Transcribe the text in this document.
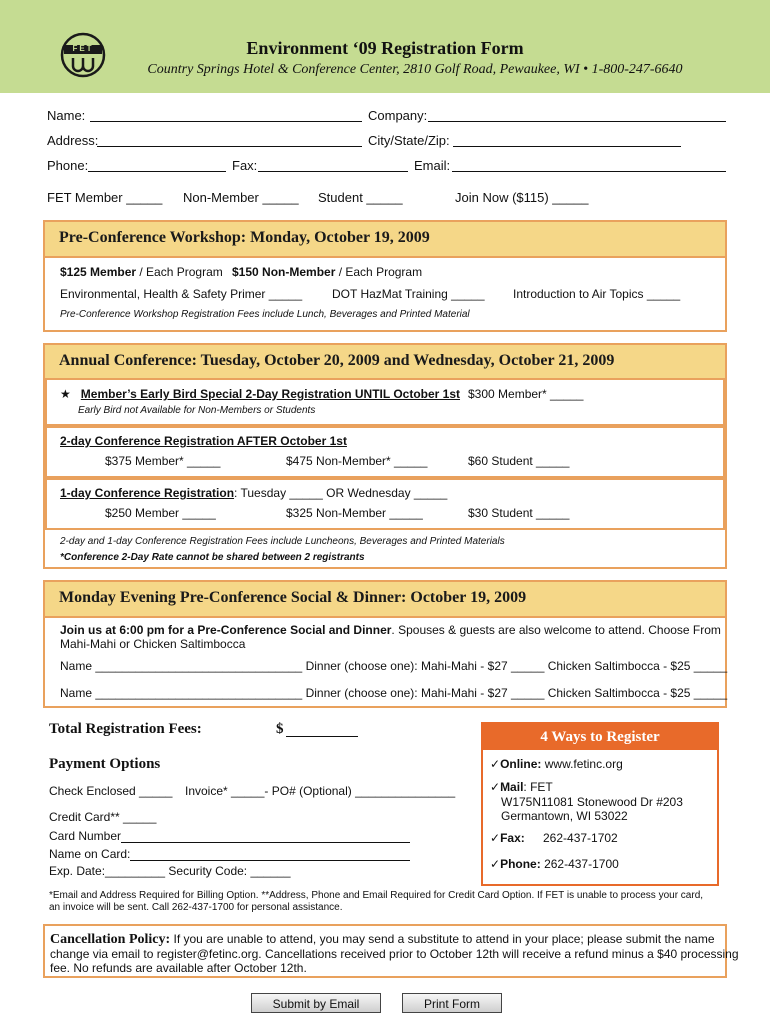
FET	Environment ‘09 Registration Form
Country Springs Hotel & Conference Center, 2810 Golf Road, Pewaukee, WI • 1-800-247-6640
Name:	Company:
Address:	City/State/Zip:
Phone:	Fax:	Email:
FET Member _____ Non-Member _____ Student _____	Join Now ($115) _____
Pre-Conference Workshop: Monday, October 19, 2009
$125 Member / Each Program $150 Non-Member / Each Program
Environmental, Health & Safety Primer _____ DOT HazMat Training _____ Introduction to Air Topics _____
Pre-Conference Workshop Registration Fees include Lunch, Beverages and Printed Material
Annual Conference: Tuesday, October 20, 2009 and Wednesday, October 21, 2009
★ Member’s Early Bird Special 2-Day Registration UNTIL October 1st $300 Member* _____
Early Bird not Available for Non-Members or Students
2-day Conference Registration AFTER October 1st
$375 Member* _____	$475 Non-Member* _____	$60 Student _____
1-day Conference Registration: Tuesday _____ OR Wednesday _____
$250 Member _____	$325 Non-Member _____	$30 Student _____
2-day and 1-day Conference Registration Fees include Luncheons, Beverages and Printed Materials
*Conference 2-Day Rate cannot be shared between 2 registrants
Monday Evening Pre-Conference Social & Dinner: October 19, 2009
Join us at 6:00 pm for a Pre-Conference Social and Dinner. Spouses & guests are also welcome to attend. Choose From
Mahi-Mahi or Chicken Saltimbocca
Name _______________________________ Dinner (choose one): Mahi-Mahi - $27 _____ Chicken Saltimbocca - $25 _____
Name _______________________________ Dinner (choose one): Mahi-Mahi - $27 _____ Chicken Saltimbocca - $25 _____
Total Registration Fees:	$
Payment Options
Check Enclosed _____ Invoice* _____- PO# (Optional) _______________
Credit Card** _____
Card Number
Name on Card:
Exp. Date:_________ Security Code: ______
4 Ways to Register
✓Online: www.fetinc.org
✓Mail: FET
W175N11081 Stonewood Dr #203
Germantown, WI 53022
✓Fax: 262-437-1702
✓Phone: 262-437-1700
*Email and Address Required for Billing Option. **Address, Phone and Email Required for Credit Card Option. If FET is unable to process your card,
an invoice will be sent. Call 262-437-1700 for personal assistance.
Cancellation Policy: If you are unable to attend, you may send a substitute to attend in your place; please submit the name
change via email to register@fetinc.org. Cancellations received prior to October 12th will receive a refund minus a $40 processing
fee. No refunds are available after October 12th.
Submit by Email	Print Form
